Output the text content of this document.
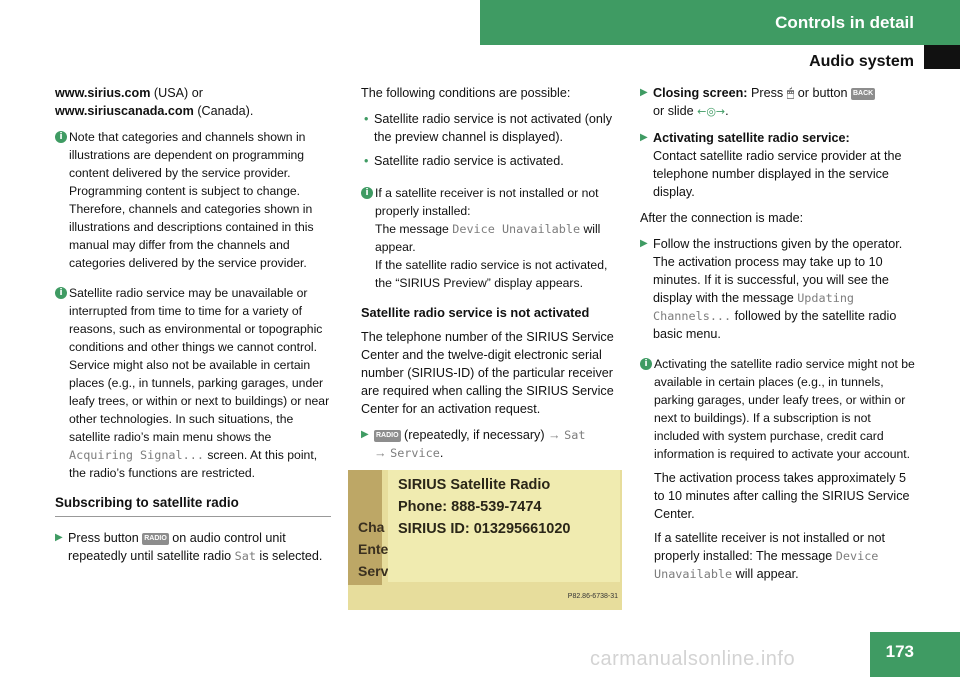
Controls in detail
Audio system

www.sirius.com (USA) or
www.siriuscanada.com (Canada).

i Note that categories and channels shown in illustrations are dependent on programming content delivered by the service provider. Programming content is subject to change. Therefore, channels and categories shown in illustrations and descriptions contained in this manual may differ from the channels and categories delivered by the service provider.
i Satellite radio service may be unavailable or interrupted from time to time for a variety of reasons, such as environmental or topographic conditions and other things we cannot control. Service might also not be available in certain places (e.g., in tunnels, parking garages, under leafy trees, or within or next to buildings) or near other technologies. In such situations, the satellite radio’s main menu shows the Acquiring Signal... screen. At this point, the radio’s functions are restricted.
Subscribing to satellite radio
▶ Press button RADIO on audio control unit repeatedly until satellite radio Sat is selected.

The following conditions are possible:

• Satellite radio service is not activated (only the preview channel is displayed).
• Satellite radio service is activated.
i If a satellite receiver is not installed or not properly installed:
The message Device Unavailable will appear.
If the satellite radio service is not activated, the “SIRIUS Preview” display appears.
Satellite radio service is not activated

The telephone number of the SIRIUS Service Center and the twelve-digit electronic serial number (SIRIUS-ID) of the particular receiver are required when calling the SIRIUS Service Center for an activation request.

▶ RADIO (repeatedly, if necessary) → Sat
→ Service.
Cha
Ente
Serv
SIRIUS Satellite Radio
Phone: 888-539-7474
SIRIUS ID: 013295661020
P82.86-6738-31
▶ Closing screen: Press 🖱 or button BACK
or slide ←◎→.
▶ Activating satellite radio service:
Contact satellite radio service provider at the telephone number displayed in the service display.

After the connection is made:

▶ Follow the instructions given by the operator.
The activation process may take up to 10 minutes. If it is successful, you will see the display with the message Updating Channels... followed by the satellite radio basic menu.
i Activating the satellite radio service might not be available in certain places (e.g., in tunnels, parking garages, under leafy trees, or within or next to buildings). If a subscription is not included with system purchase, credit card information is required to activate your account.

The activation process takes approximately 5 to 10 minutes after calling the SIRIUS Service Center.

If a satellite receiver is not installed or not properly installed: The message Device Unavailable will appear.

carmanualsonline.info	173
